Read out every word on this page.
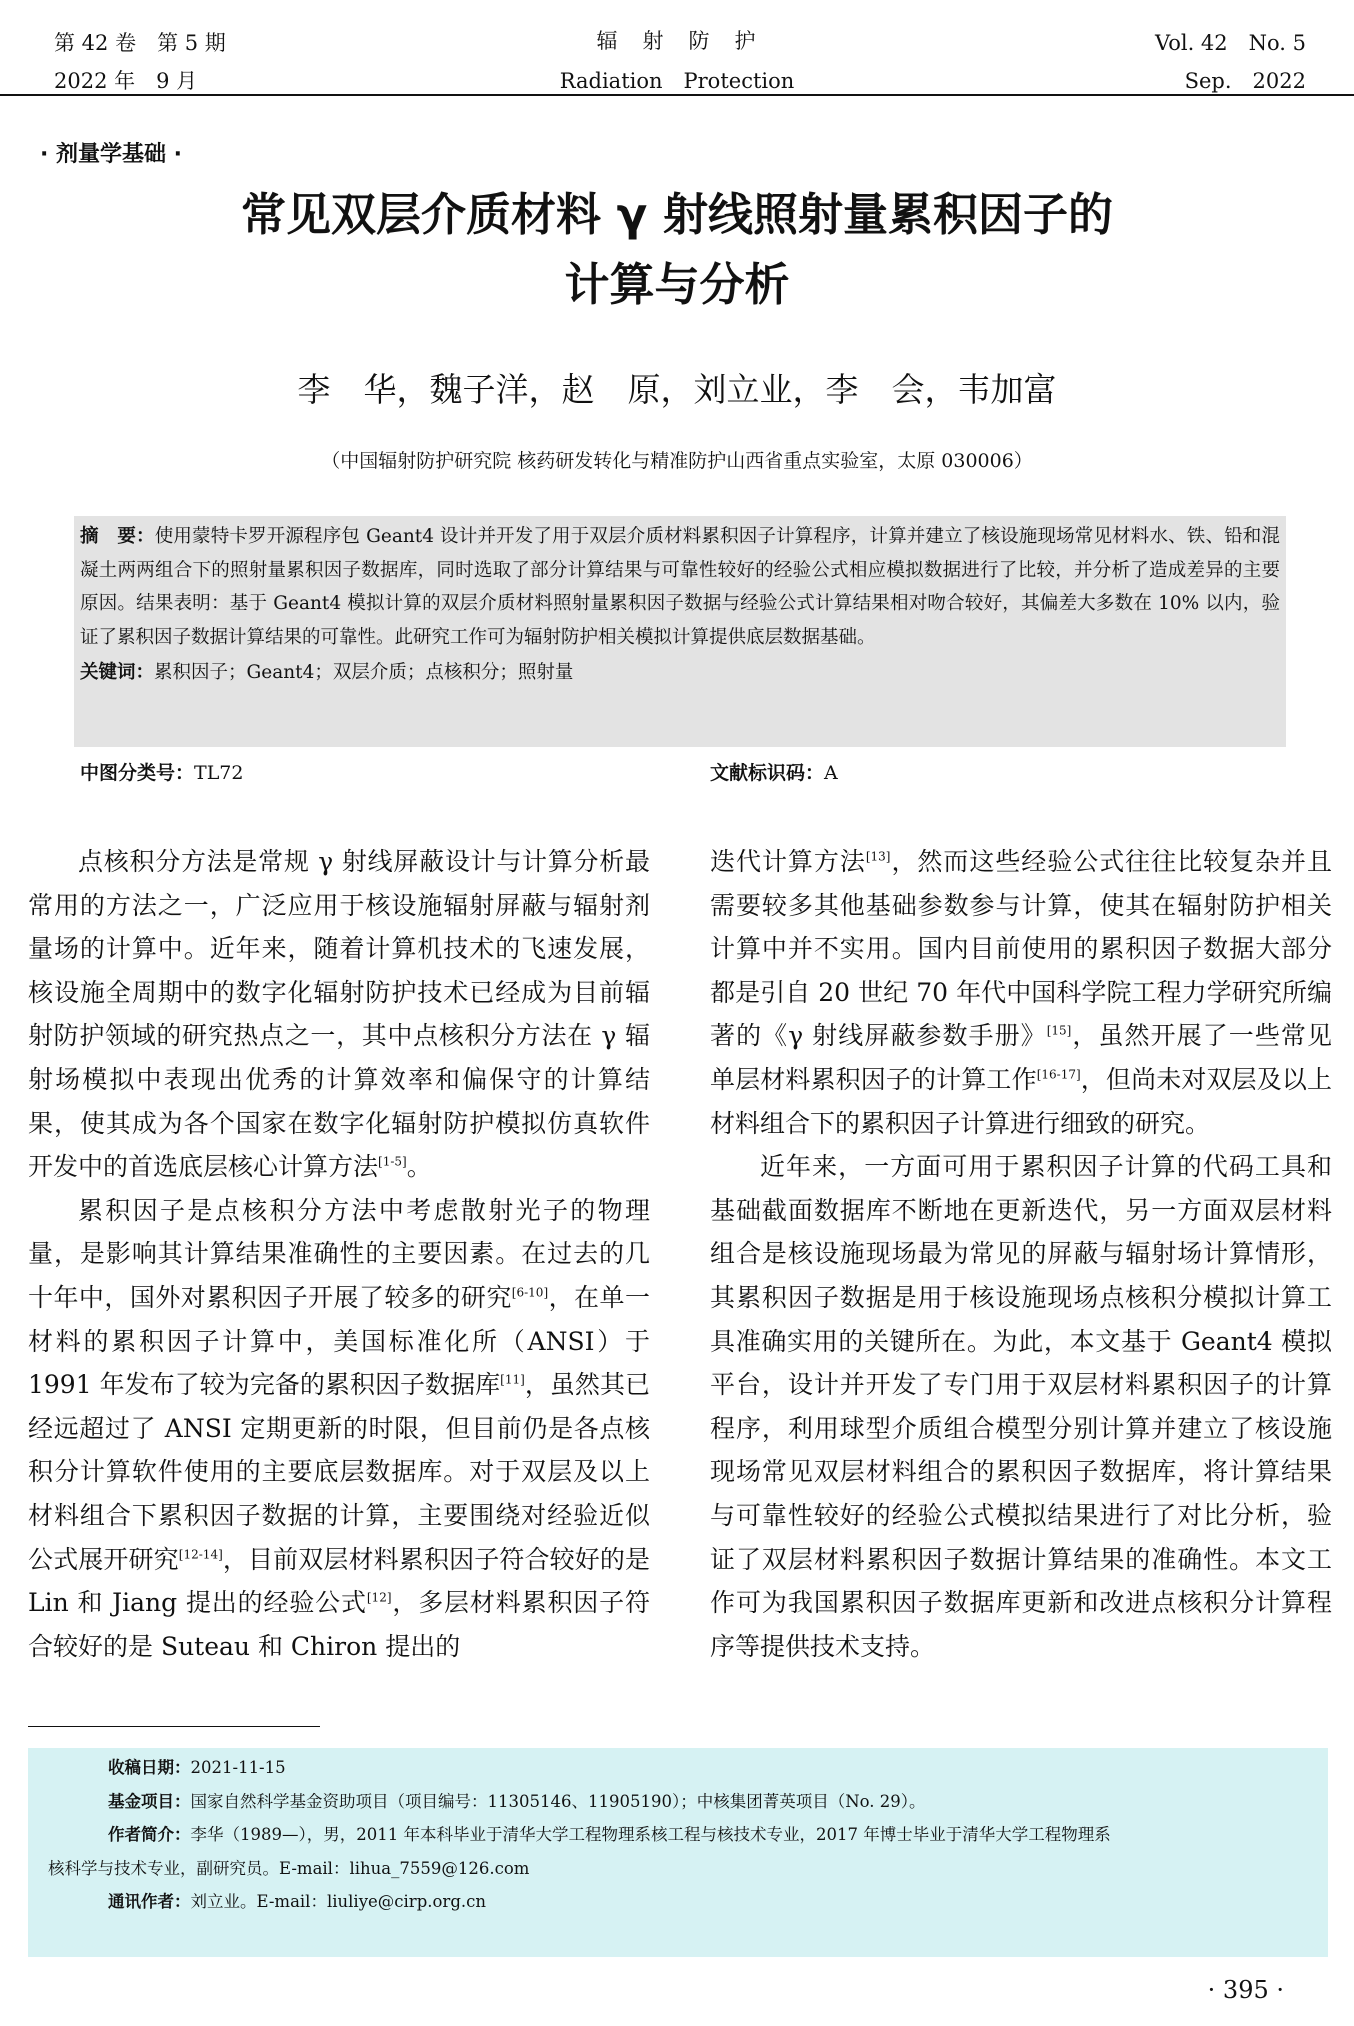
第 42 卷　第 5 期
2022 年　9 月
辐　射　防　护
Radiation　Protection
Vol. 42　No. 5
Sep.　2022
· 剂量学基础 ·
常见双层介质材料 γ 射线照射量累积因子的
计算与分析
李　华，魏子洋，赵　原，刘立业，李　会，韦加富
（中国辐射防护研究院 核药研发转化与精准防护山西省重点实验室，太原 030006）
摘　要：使用蒙特卡罗开源程序包 Geant4 设计并开发了用于双层介质材料累积因子计算程序，计算并建立了核设施现场常见材料水、铁、铅和混凝土两两组合下的照射量累积因子数据库，同时选取了部分计算结果与可靠性较好的经验公式相应模拟数据进行了比较，并分析了造成差异的主要原因。结果表明：基于 Geant4 模拟计算的双层介质材料照射量累积因子数据与经验公式计算结果相对吻合较好，其偏差大多数在 10% 以内，验证了累积因子数据计算结果的可靠性。此研究工作可为辐射防护相关模拟计算提供底层数据基础。
关键词：累积因子；Geant4；双层介质；点核积分；照射量
中图分类号：TL72	文献标识码：A

点核积分方法是常规 γ 射线屏蔽设计与计算分析最常用的方法之一，广泛应用于核设施辐射屏蔽与辐射剂量场的计算中。近年来，随着计算机技术的飞速发展，核设施全周期中的数字化辐射防护技术已经成为目前辐射防护领域的研究热点之一，其中点核积分方法在 γ 辐射场模拟中表现出优秀的计算效率和偏保守的计算结果，使其成为各个国家在数字化辐射防护模拟仿真软件开发中的首选底层核心计算方法[1-5]。

累积因子是点核积分方法中考虑散射光子的物理量，是影响其计算结果准确性的主要因素。在过去的几十年中，国外对累积因子开展了较多的研究[6-10]，在单一材料的累积因子计算中，美国标准化所（ANSI）于 1991 年发布了较为完备的累积因子数据库[11]，虽然其已经远超过了 ANSI 定期更新的时限，但目前仍是各点核积分计算软件使用的主要底层数据库。对于双层及以上材料组合下累积因子数据的计算，主要围绕对经验近似公式展开研究[12-14]，目前双层材料累积因子符合较好的是 Lin 和 Jiang 提出的经验公式[12]，多层材料累积因子符合较好的是 Suteau 和 Chiron 提出的

迭代计算方法[13]，然而这些经验公式往往比较复杂并且需要较多其他基础参数参与计算，使其在辐射防护相关计算中并不实用。国内目前使用的累积因子数据大部分都是引自 20 世纪 70 年代中国科学院工程力学研究所编著的《γ 射线屏蔽参数手册》[15]，虽然开展了一些常见单层材料累积因子的计算工作[16-17]，但尚未对双层及以上材料组合下的累积因子计算进行细致的研究。

近年来，一方面可用于累积因子计算的代码工具和基础截面数据库不断地在更新迭代，另一方面双层材料组合是核设施现场最为常见的屏蔽与辐射场计算情形，其累积因子数据是用于核设施现场点核积分模拟计算工具准确实用的关键所在。为此，本文基于 Geant4 模拟平台，设计并开发了专门用于双层材料累积因子的计算程序，利用球型介质组合模型分别计算并建立了核设施现场常见双层材料组合的累积因子数据库，将计算结果与可靠性较好的经验公式模拟结果进行了对比分析，验证了双层材料累积因子数据计算结果的准确性。本文工作可为我国累积因子数据库更新和改进点核积分计算程序等提供技术支持。

收稿日期：2021-11-15
基金项目：国家自然科学基金资助项目（项目编号：11305146、11905190）；中核集团菁英项目（No. 29）。
作者简介：李华（1989—），男，2011 年本科毕业于清华大学工程物理系核工程与核技术专业，2017 年博士毕业于清华大学工程物理系
核科学与技术专业，副研究员。E-mail：lihua_7559@126.com
通讯作者：刘立业。E-mail：liuliye@cirp.org.cn
· 395 ·
